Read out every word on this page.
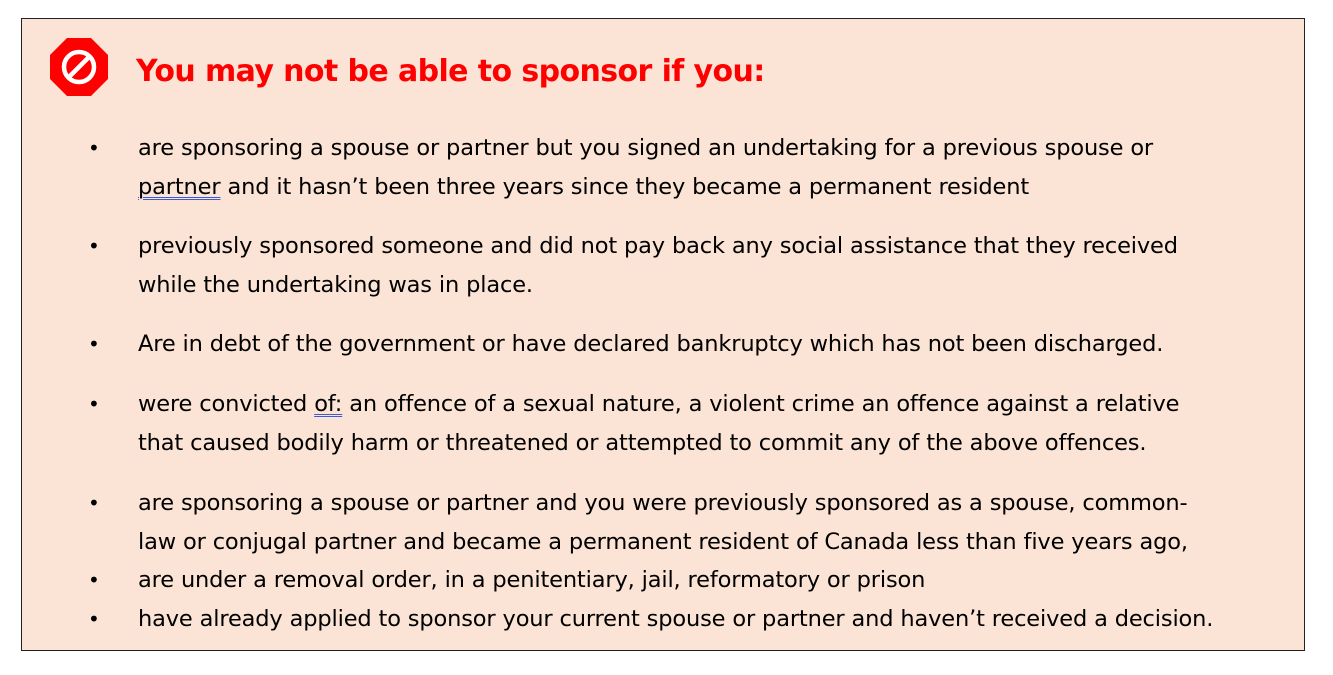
You may not be able to sponsor if you:
• are sponsoring a spouse or partner but you signed an undertaking for a previous spouse or
partner and it hasn’t been three years since they became a permanent resident
• previously sponsored someone and did not pay back any social assistance that they received
while the undertaking was in place.
• Are in debt of the government or have declared bankruptcy which has not been discharged.
• were convicted of: an offence of a sexual nature, a violent crime an offence against a relative
that caused bodily harm or threatened or attempted to commit any of the above offences.
• are sponsoring a spouse or partner and you were previously sponsored as a spouse, common-
law or conjugal partner and became a permanent resident of Canada less than five years ago,
• are under a removal order, in a penitentiary, jail, reformatory or prison
• have already applied to sponsor your current spouse or partner and haven’t received a decision.
